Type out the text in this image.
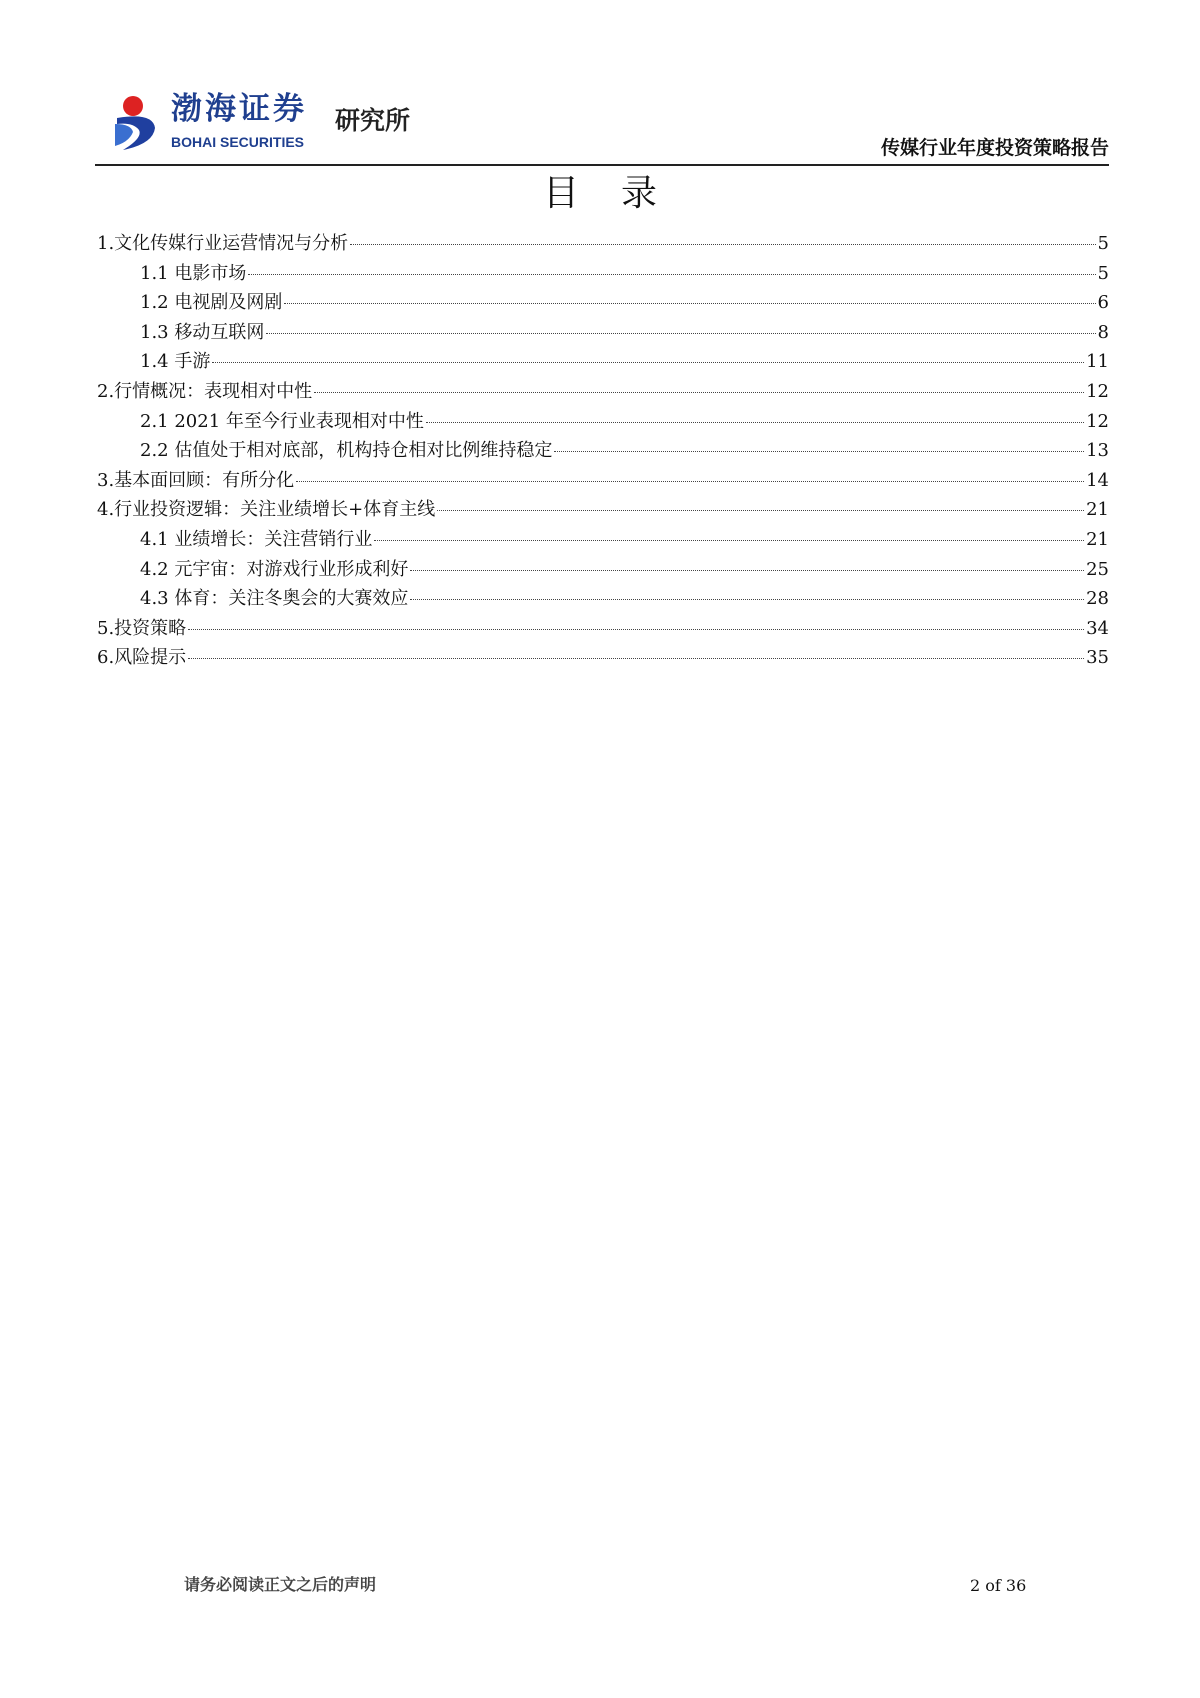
渤海证券
BOHAI SECURITIES
研究所
传媒行业年度投资策略报告
目录
1.文化传媒行业运营情况与分析	5
1.1 电影市场	5
1.2 电视剧及网剧	6
1.3 移动互联网	8
1.4 手游	11
2.行情概况：表现相对中性	12
2.1 2021 年至今行业表现相对中性	12
2.2 估值处于相对底部，机构持仓相对比例维持稳定	13
3.基本面回顾：有所分化	14
4.行业投资逻辑：关注业绩增长+体育主线	21
4.1 业绩增长：关注营销行业	21
4.2 元宇宙：对游戏行业形成利好	25
4.3 体育：关注冬奥会的大赛效应	28
5.投资策略	34
6.风险提示	35
请务必阅读正文之后的声明	2 of 36
